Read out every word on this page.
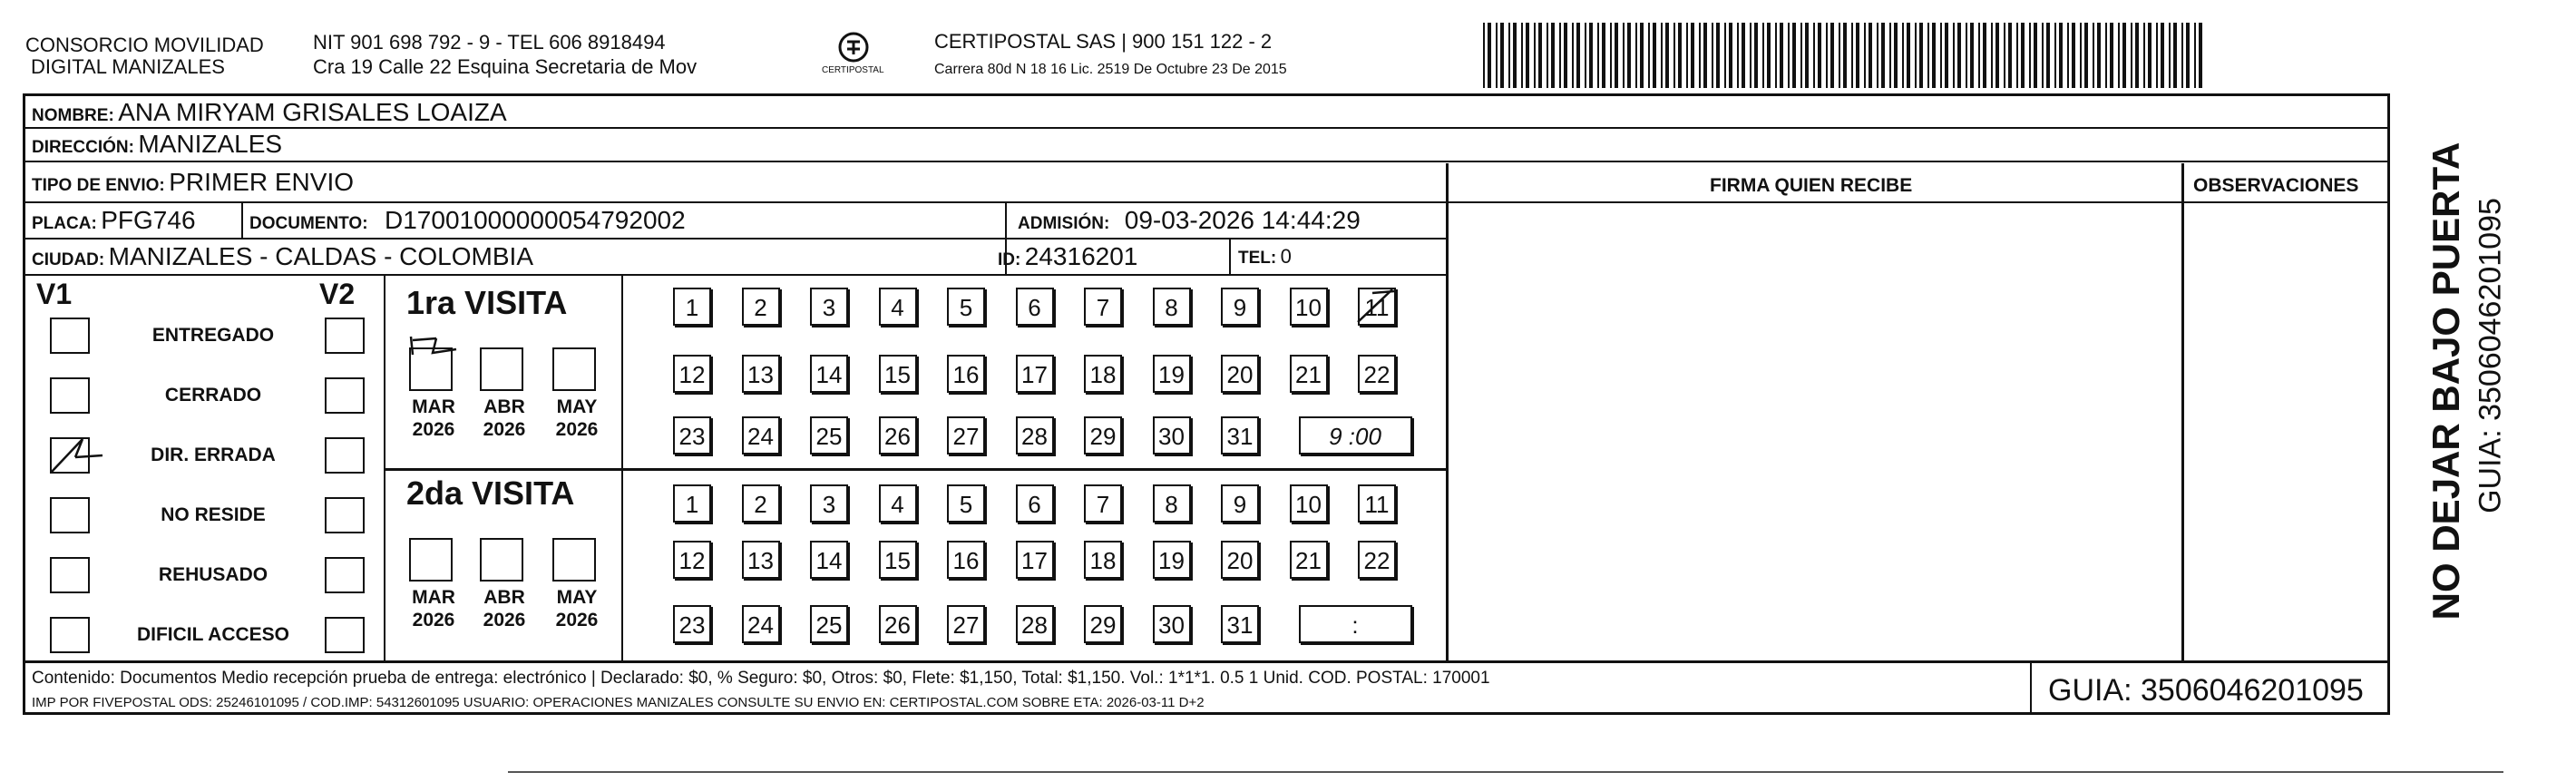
CONSORCIO MOVILIDAD
DIGITAL MANIZALES
NIT 901 698 792 - 9 - TEL 606 8918494
Cra 19 Calle 22 Esquina Secretaria de Mov	CERTIPOSTAL
CERTIPOSTAL SAS | 900 151 122 - 2
Carrera 80d N 18 16 Lic. 2519 De Octubre 23 De 2015
NOMBRE: ANA MIRYAM GRISALES LOAIZA
DIRECCIÓN: MANIZALES
TIPO DE ENVIO: PRIMER ENVIO
PLACA: PFG746	DOCUMENTO: D17001000000054792002	ADMISIÓN: 09-03-2026 14:44:29
CIUDAD: MANIZALES - CALDAS - COLOMBIA	ID: 24316201	TEL: 0
FIRMA QUIEN RECIBE	OBSERVACIONES
V1	V2
ENTREGADO
CERRADO
DIR. ERRADA
NO RESIDE
REHUSADO
DIFICIL ACCESO
1ra VISITA
2da VISITA
MAR
2026
ABR
2026
MAY
2026
MAR
2026
ABR
2026
MAY
2026
1	2	3	4	5	6	7	8	9	10 11
12 13 14 15 16 17 18 19 20 21 22
23 24 25 26 27 28 29 30 31	9 :00
1	2	3	4	5	6	7	8	9	10 11
12 13 14 15 16 17 18 19 20 21 22
23 24 25 26 27 28 29 30 31	:
Contenido: Documentos Medio recepción prueba de entrega: electrónico | Declarado: $0, % Seguro: $0, Otros: $0, Flete: $1,150, Total: $1,150. Vol.: 1*1*1. 0.5 1 Unid. COD. POSTAL: 170001
IMP POR FIVEPOSTAL ODS: 25246101095 / COD.IMP: 54312601095 USUARIO: OPERACIONES MANIZALES CONSULTE SU ENVIO EN: CERTIPOSTAL.COM SOBRE ETA: 2026-03-11 D+2	GUIA: 3506046201095
NO DEJAR BAJO PUERTA GUIA: 3506046201095
